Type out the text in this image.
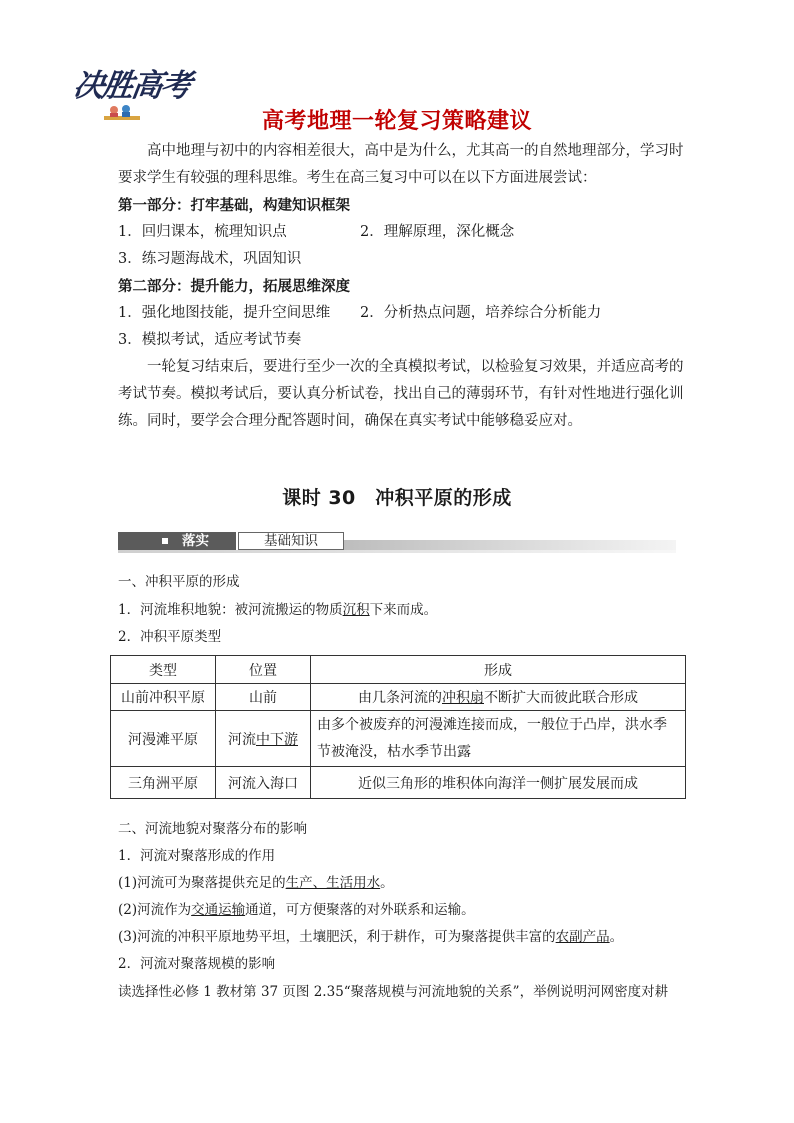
决胜高考
高考地理一轮复习策略建议

高中地理与初中的内容相差很大，高中是为什么，尤其高一的自然地理部分，学习时要求学生有较强的理科思维。考生在高三复习中可以在以下方面进展尝试：

第一部分：打牢基础，构建知识框架
1．回归课本，梳理知识点	2．理解原理，深化概念
3．练习题海战术，巩固知识
第二部分：提升能力，拓展思维深度
1．强化地图技能，提升空间思维 2．分析热点问题，培养综合分析能力
3．模拟考试，适应考试节奏

一轮复习结束后，要进行至少一次的全真模拟考试，以检验复习效果，并适应高考的考试节奏。模拟考试后，要认真分析试卷，找出自己的薄弱环节，有针对性地进行强化训练。同时，要学会合理分配答题时间，确保在真实考试中能够稳妥应对。

课时 30　冲积平原的形成
落实	基础知识
一、冲积平原的形成
1．河流堆积地貌：被河流搬运的物质沉积下来而成。
2．冲积平原类型
类型	位置	形成
山前冲积平原	山前	由几条河流的冲积扇不断扩大而彼此联合形成
河漫滩平原	河流中下游	由多个被废弃的河漫滩连接而成，一般位于凸岸，洪水季节被淹没，枯水季节出露
三角洲平原	河流入海口	近似三角形的堆积体向海洋一侧扩展发展而成
二、河流地貌对聚落分布的影响
1．河流对聚落形成的作用
(1)河流可为聚落提供充足的生产、生活用水。
(2)河流作为交通运输通道，可方便聚落的对外联系和运输。
(3)河流的冲积平原地势平坦，土壤肥沃，利于耕作，可为聚落提供丰富的农副产品。
2．河流对聚落规模的影响
读选择性必修 1 教材第 37 页图 2.35“聚落规模与河流地貌的关系”，举例说明河网密度对耕
